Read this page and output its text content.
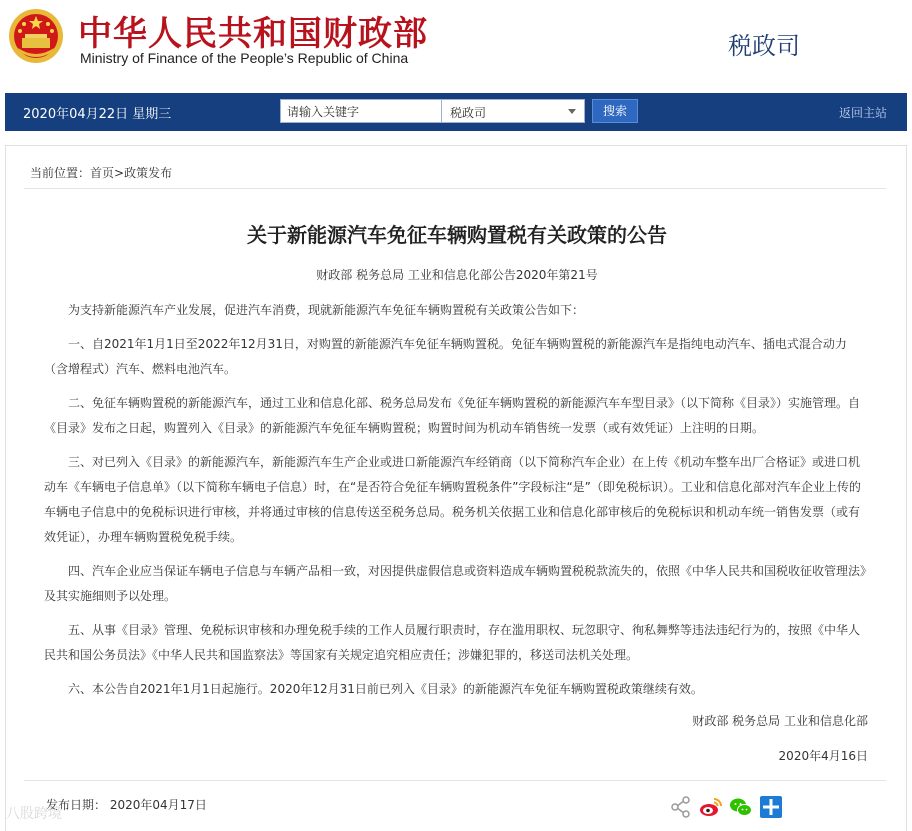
中华人民共和国财政部
Ministry of Finance of the People’s Republic of China	税政司
2020年04月22日 星期三
请输入关键字	税政司	搜索	返回主站
当前位置：首页>政策发布
关于新能源汽车免征车辆购置税有关政策的公告
财政部 税务总局 工业和信息化部公告2020年第21号

为支持新能源汽车产业发展，促进汽车消费，现就新能源汽车免征车辆购置税有关政策公告如下：

一、自2021年1月1日至2022年12月31日，对购置的新能源汽车免征车辆购置税。免征车辆购置税的新能源汽车是指纯电动汽车、插电式混合动力（含增程式）汽车、燃料电池汽车。

二、免征车辆购置税的新能源汽车，通过工业和信息化部、税务总局发布《免征车辆购置税的新能源汽车车型目录》（以下简称《目录》）实施管理。自《目录》发布之日起，购置列入《目录》的新能源汽车免征车辆购置税；购置时间为机动车销售统一发票（或有效凭证）上注明的日期。

三、对已列入《目录》的新能源汽车，新能源汽车生产企业或进口新能源汽车经销商（以下简称汽车企业）在上传《机动车整车出厂合格证》或进口机动车《车辆电子信息单》（以下简称车辆电子信息）时，在“是否符合免征车辆购置税条件”字段标注“是”（即免税标识）。工业和信息化部对汽车企业上传的车辆电子信息中的免税标识进行审核，并将通过审核的信息传送至税务总局。税务机关依据工业和信息化部审核后的免税标识和机动车统一销售发票（或有效凭证），办理车辆购置税免税手续。

四、汽车企业应当保证车辆电子信息与车辆产品相一致，对因提供虚假信息或资料造成车辆购置税税款流失的，依照《中华人民共和国税收征收管理法》及其实施细则予以处理。

五、从事《目录》管理、免税标识审核和办理免税手续的工作人员履行职责时，存在滥用职权、玩忽职守、徇私舞弊等违法违纪行为的，按照《中华人民共和国公务员法》《中华人民共和国监察法》等国家有关规定追究相应责任；涉嫌犯罪的，移送司法机关处理。

六、本公告自2021年1月1日起施行。2020年12月31日前已列入《目录》的新能源汽车免征车辆购置税政策继续有效。

财政部 税务总局 工业和信息化部
2020年4月16日
发布日期： 2020年04月17日
八股跨境
